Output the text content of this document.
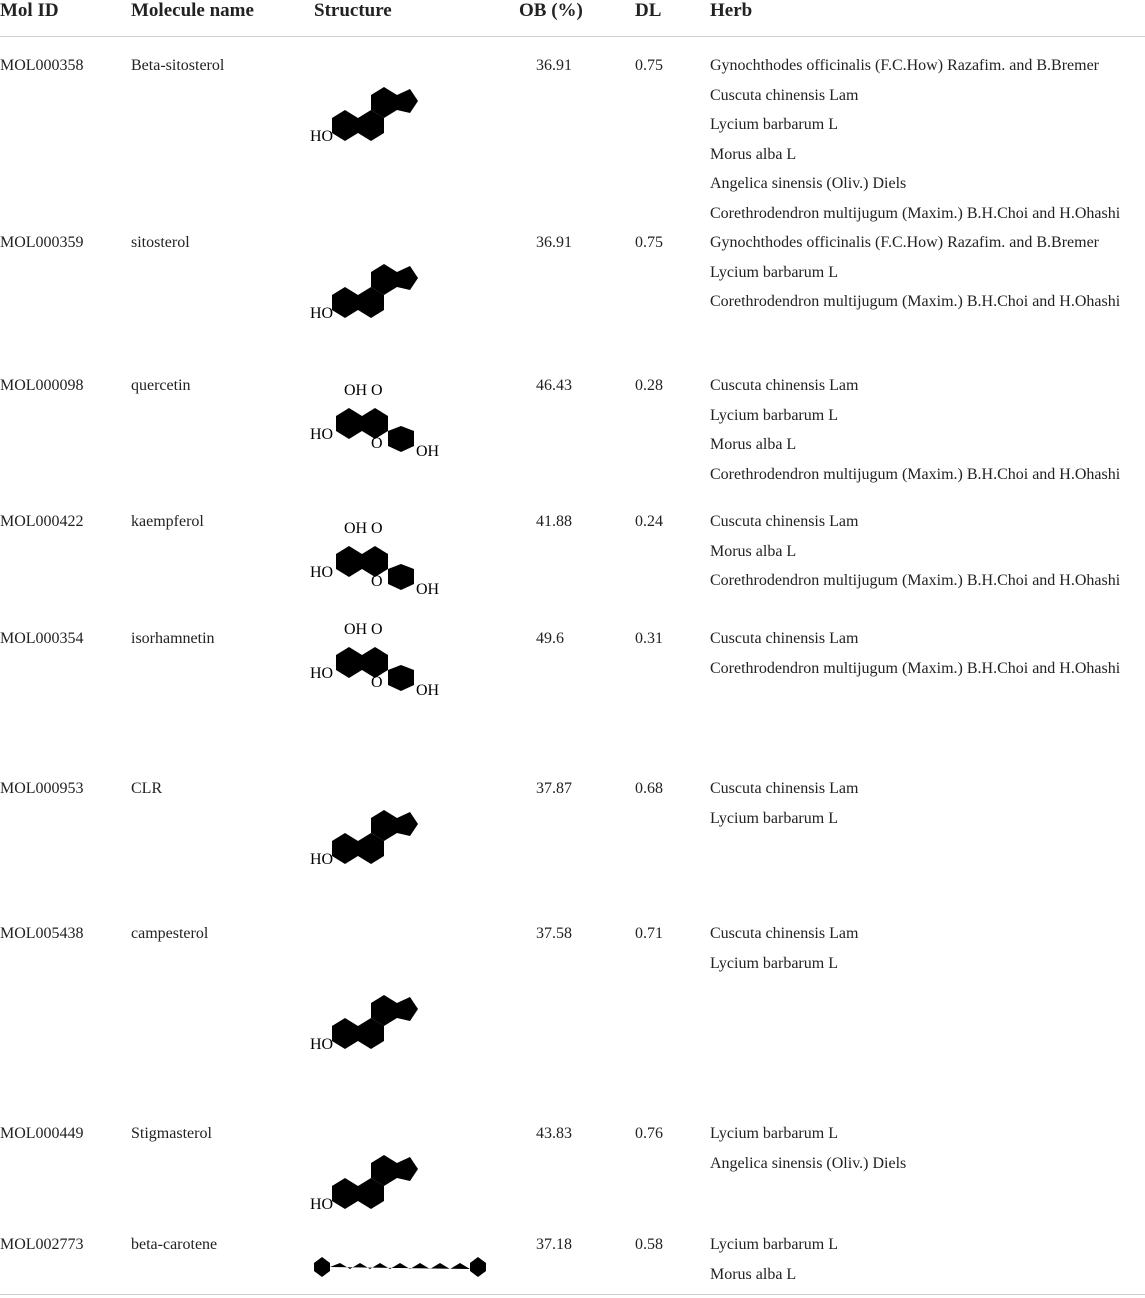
Mol ID	Molecule name	Structure	OB (%)	DL	Herb
MOL000358	Beta-sitosterol	36.91	0.75	Gynochthodes officinalis (F.C.How) Razafim. and B.Bremer
Cuscuta chinensis Lam
Lycium barbarum L
Morus alba L
Angelica sinensis (Oliv.) Diels
Corethrodendron multijugum (Maxim.) B.H.Choi and H.Ohashi
MOL000359	sitosterol	36.91	0.75	Gynochthodes officinalis (F.C.How) Razafim. and B.Bremer
Lycium barbarum L
Corethrodendron multijugum (Maxim.) B.H.Choi and H.Ohashi
MOL000098	quercetin	46.43	0.28	Cuscuta chinensis Lam
Lycium barbarum L
Morus alba L
Corethrodendron multijugum (Maxim.) B.H.Choi and H.Ohashi
MOL000422	kaempferol	41.88	0.24	Cuscuta chinensis Lam
Morus alba L
Corethrodendron multijugum (Maxim.) B.H.Choi and H.Ohashi
MOL000354	isorhamnetin	49.6	0.31	Cuscuta chinensis Lam
Corethrodendron multijugum (Maxim.) B.H.Choi and H.Ohashi
MOL000953	CLR	37.87	0.68	Cuscuta chinensis Lam
Lycium barbarum L
MOL005438	campesterol	37.58	0.71	Cuscuta chinensis Lam
Lycium barbarum L
MOL000449	Stigmasterol	43.83	0.76	Lycium barbarum L
Angelica sinensis (Oliv.) Diels
MOL002773	beta-carotene	37.18	0.58	Lycium barbarum L
Morus alba L
